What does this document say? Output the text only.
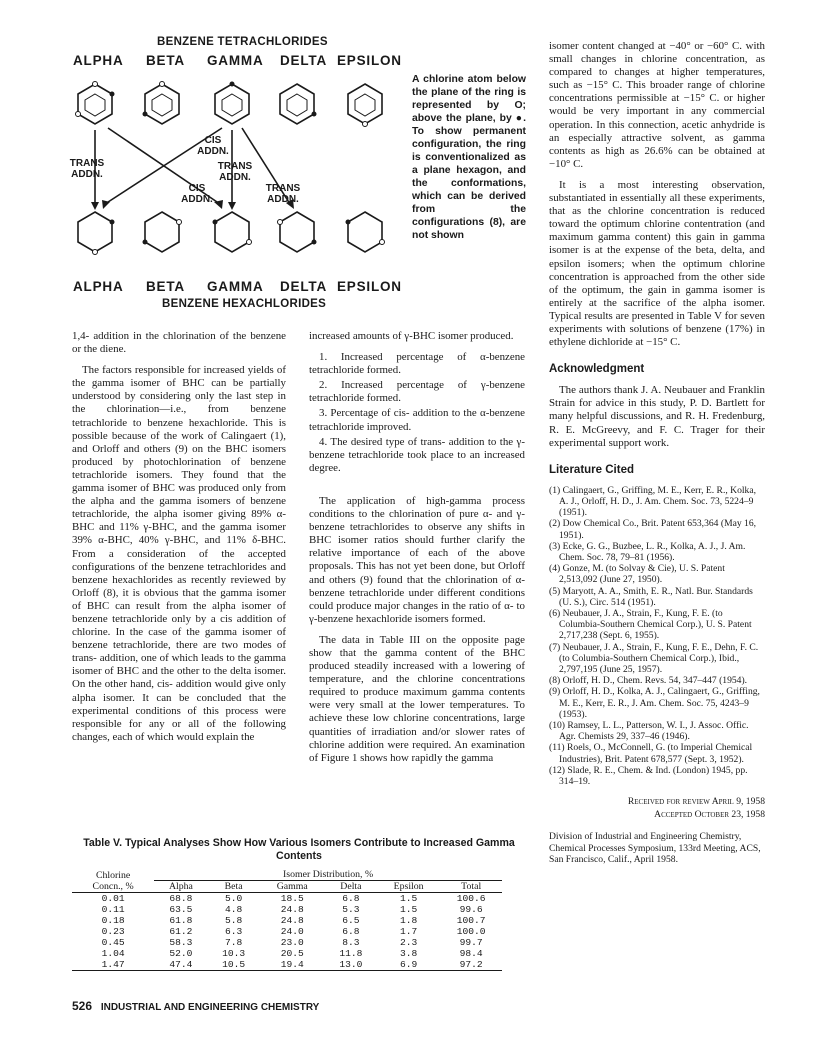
BENZENE TETRACHLORIDES
ALPHA BETA GAMMA DELTA EPSILON
CIS ADDN.
TRANS ADDN.
TRANS ADDN.
CIS ADDN.
TRANS ADDN.
A chlorine atom below the plane of the ring is represented by O; above the plane, by ●. To show permanent configuration, the ring is conventionalized as a plane hexagon, and the conformations, which can be derived from the configurations (8), are not shown
ALPHA BETA GAMMA DELTA EPSILON
BENZENE HEXACHLORIDES

1,4- addition in the chlorination of the benzene or the diene.

The factors responsible for increased yields of the gamma isomer of BHC can be partially understood by considering only the last step in the chlorination—i.e., from benzene tetrachloride to benzene hexachloride. This is possible because of the work of Calingaert (1), and Orloff and others (9) on the BHC isomers produced by photochlorination of benzene tetrachloride isomers. They found that the gamma isomer of BHC was produced only from the alpha and the gamma isomers of benzene tetrachloride, the alpha isomer giving 89% α-BHC and 11% γ-BHC, and the gamma isomer 39% α-BHC, 40% γ-BHC, and 11% δ-BHC. From a consideration of the accepted configurations of the benzene tetrachlorides and benzene hexachlorides as recently reviewed by Orloff (8), it is obvious that the gamma isomer of BHC can result from the alpha isomer of benzene tetrachloride only by a cis addition of chlorine. In the case of the gamma isomer of benzene tetrachloride, there are two modes of trans- addition, one of which leads to the gamma isomer of BHC and the other to the delta isomer. On the other hand, cis- addition would give only alpha isomer. It can be concluded that the experimental conditions of this process were responsible for any or all of the following changes, each of which would explain the

increased amounts of γ-BHC isomer produced.

1. Increased percentage of α-benzene tetrachloride formed.

2. Increased percentage of γ-benzene tetrachloride formed.

3. Percentage of cis- addition to the α-benzene tetrachloride improved.

4. The desired type of trans- addition to the γ-benzene tetrachloride took place to an increased degree.

The application of high-gamma process conditions to the chlorination of pure α- and γ-benzene tetrachlorides to observe any shifts in BHC isomer ratios should further clarify the relative importance of each of the above proposals. This has not yet been done, but Orloff and others (9) found that the chlorination of α-benzene tetrachloride under different conditions could produce major changes in the ratio of α- to γ-benzene hexachloride isomers formed.

The data in Table III on the opposite page show that the gamma content of the BHC produced steadily increased with a lowering of temperature, and the chlorine concentrations required to produce maximum gamma contents were very small at the lower temperatures. To achieve these low chlorine concentrations, large quantities of irradiation and/or slower rates of chlorine addition were required. An examination of Figure 1 shows how rapidly the gamma

isomer content changed at −40° or −60° C. with small changes in chlorine concentration, as compared to changes at higher temperatures, such as −15° C. This broader range of chlorine concentrations permissible at −15° C. or higher would be very important in any commercial operation. In this connection, acetic anhydride is an especially attractive solvent, as gamma contents as high as 26.6% can be obtained at −10° C.

It is a most interesting observation, substantiated in essentially all these experiments, that as the chlorine concentration is reduced toward the optimum chlorine contentration (and maximum gamma content) this gain in gamma isomer is at the expense of the beta, delta, and epsilon isomers; when the optimum chlorine concentration is approached from the other side of the optimum, the gain in gamma isomer is entirely at the sacrifice of the alpha isomer. Typical results are presented in Table V for seven experiments with solutions of benzene (17%) in ethylene dichloride at −15° C.

Acknowledgment

The authors thank J. A. Neubauer and Franklin Strain for advice in this study, P. D. Bartlett for many helpful discussions, and R. H. Fredenburg, R. E. McGreevy, and F. C. Trager for their experimental support work.

Literature Cited
(1) Calingaert, G., Griffing, M. E., Kerr, E. R., Kolka, A. J., Orloff, H. D., J. Am. Chem. Soc. 73, 5224–9 (1951).
(2) Dow Chemical Co., Brit. Patent 653,364 (May 16, 1951).
(3) Ecke, G. G., Buzbee, L. R., Kolka, A. J., J. Am. Chem. Soc. 78, 79–81 (1956).
(4) Gonze, M. (to Solvay & Cie), U. S. Patent 2,513,092 (June 27, 1950).
(5) Maryott, A. A., Smith, E. R., Natl. Bur. Standards (U. S.), Circ. 514 (1951).
(6) Neubauer, J. A., Strain, F., Kung, F. E. (to Columbia-Southern Chemical Corp.), U. S. Patent 2,717,238 (Sept. 6, 1955).
(7) Neubauer, J. A., Strain, F., Kung, F. E., Dehn, F. C. (to Columbia-Southern Chemical Corp.), Ibid., 2,797,195 (June 25, 1957).
(8) Orloff, H. D., Chem. Revs. 54, 347–447 (1954).
(9) Orloff, H. D., Kolka, A. J., Calingaert, G., Griffing, M. E., Kerr, E. R., J. Am. Chem. Soc. 75, 4243–9 (1953).
(10) Ramsey, L. L., Patterson, W. I., J. Assoc. Offic. Agr. Chemists 29, 337–46 (1946).
(11) Roels, O., McConnell, G. (to Imperial Chemical Industries), Brit. Patent 678,577 (Sept. 3, 1952).
(12) Slade, R. E., Chem. & Ind. (London) 1945, pp. 314–19.
Received for review April 9, 1958
Accepted October 23, 1958
Division of Industrial and Engineering Chemistry, Chemical Processes Symposium, 133rd Meeting, ACS, San Francisco, Calif., April 1958.
Table V. Typical Analyses Show How Various Isomers Contribute to Increased Gamma Contents
Chlorine	Isomer Distribution, %					
Concn., %	Alpha	Beta	Gamma	Delta	Epsilon	Total
0.01	68.8	5.0	18.5	6.8	1.5	100.6
0.11	63.5	4.8	24.8	5.3	1.5	99.6
0.18	61.8	5.8	24.8	6.5	1.8	100.7
0.23	61.2	6.3	24.0	6.8	1.7	100.0
0.45	58.3	7.8	23.0	8.3	2.3	99.7
1.04	52.0	10.3	20.5	11.8	3.8	98.4
1.47	47.4	10.5	19.4	13.0	6.9	97.2
526 INDUSTRIAL AND ENGINEERING CHEMISTRY
